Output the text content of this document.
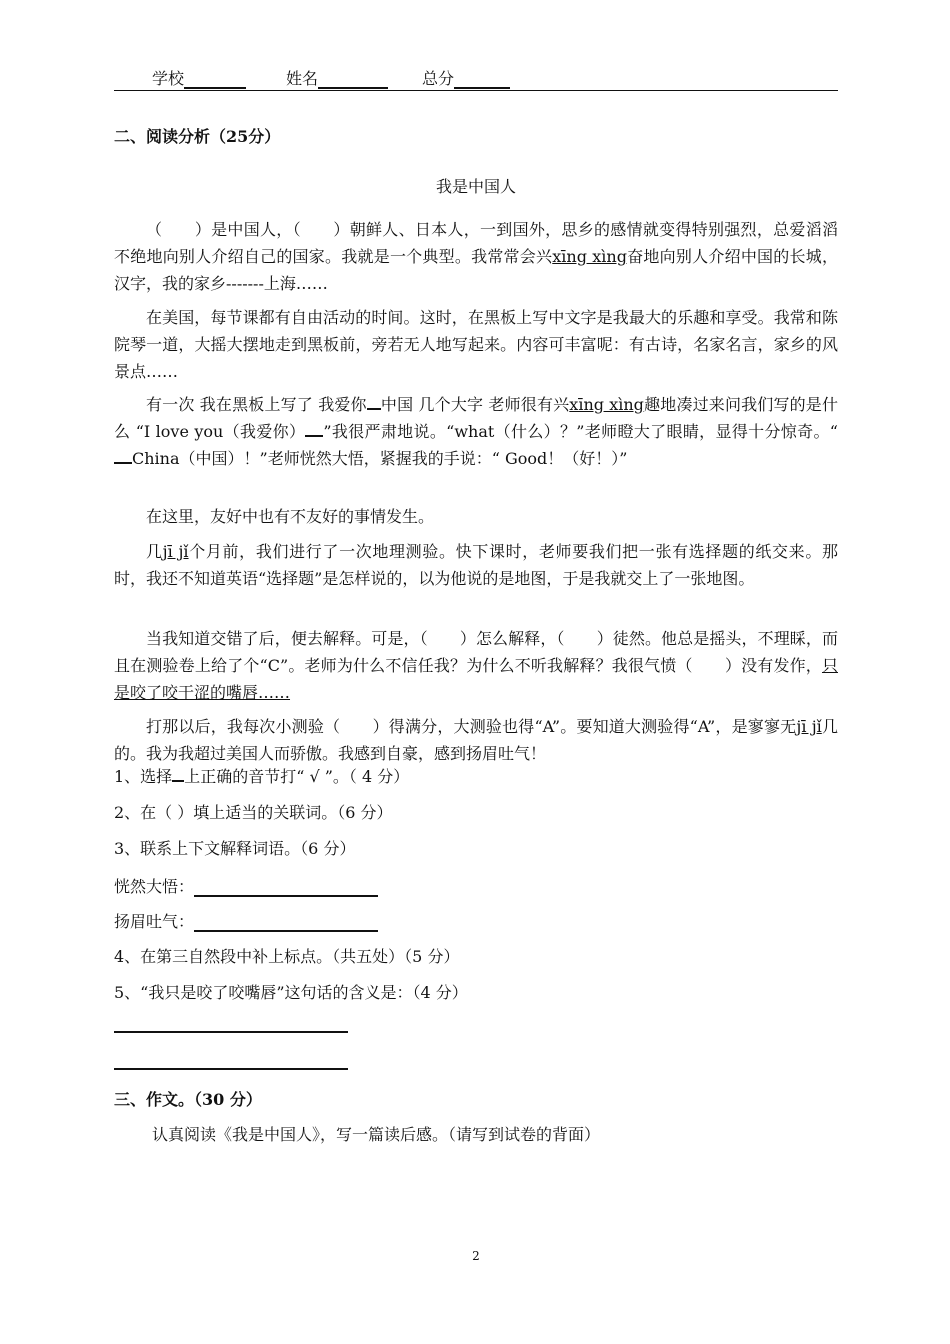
学校	姓名	总分
二、阅读分析（25分）
我是中国人
（　　）是中国人，（　　）朝鲜人、日本人，一到国外，思乡的感情就变得特别强烈，总爱滔滔不绝地向别人介绍自己的国家。我就是一个典型。我常常会兴xīng xìng奋地向别人介绍中国的长城，汉字，我的家乡-------上海……
在美国，每节课都有自由活动的时间。这时，在黑板上写中文字是我最大的乐趣和享受。我常和陈院琴一道，大摇大摆地走到黑板前，旁若无人地写起来。内容可丰富呢：有古诗，名家名言，家乡的风景点……
有一次 我在黑板上写了 我爱你 中国 几个大字 老师很有兴xīng xìng趣地凑过来问我们写的是什么 “I love you（我爱你） ”我很严肃地说。“what（什么）？”老师瞪大了眼睛，显得十分惊奇。“China（中国）！”老师恍然大悟，紧握我的手说：“ Good！（好！）”
在这里，友好中也有不友好的事情发生。
几jī jǐ个月前，我们进行了一次地理测验。快下课时，老师要我们把一张有选择题的纸交来。那时，我还不知道英语“选择题”是怎样说的，以为他说的是地图，于是我就交上了一张地图。
当我知道交错了后，便去解释。可是，（　　）怎么解释，（　　）徒然。他总是摇头，不理睬，而且在测验卷上给了个“C”。老师为什么不信任我？为什么不听我解释？我很气愤（　　）没有发作，只是咬了咬干涩的嘴唇……
打那以后，我每次小测验（　　）得满分，大测验也得“A”。要知道大测验得“A”，是寥寥无jī jǐ几的。我为我超过美国人而骄傲。我感到自豪，感到扬眉吐气！
1、选择 上正确的音节打“ √ ”。（ 4 分）
2、在（ ）填上适当的关联词。（6 分）
3、联系上下文解释词语。（6 分）
恍然大悟：
扬眉吐气：
4、在第三自然段中补上标点。（共五处）（5 分）
5、“我只是咬了咬嘴唇”这句话的含义是：（4 分）
三、作文。（30 分）
认真阅读《我是中国人》，写一篇读后感。（请写到试卷的背面）
2
